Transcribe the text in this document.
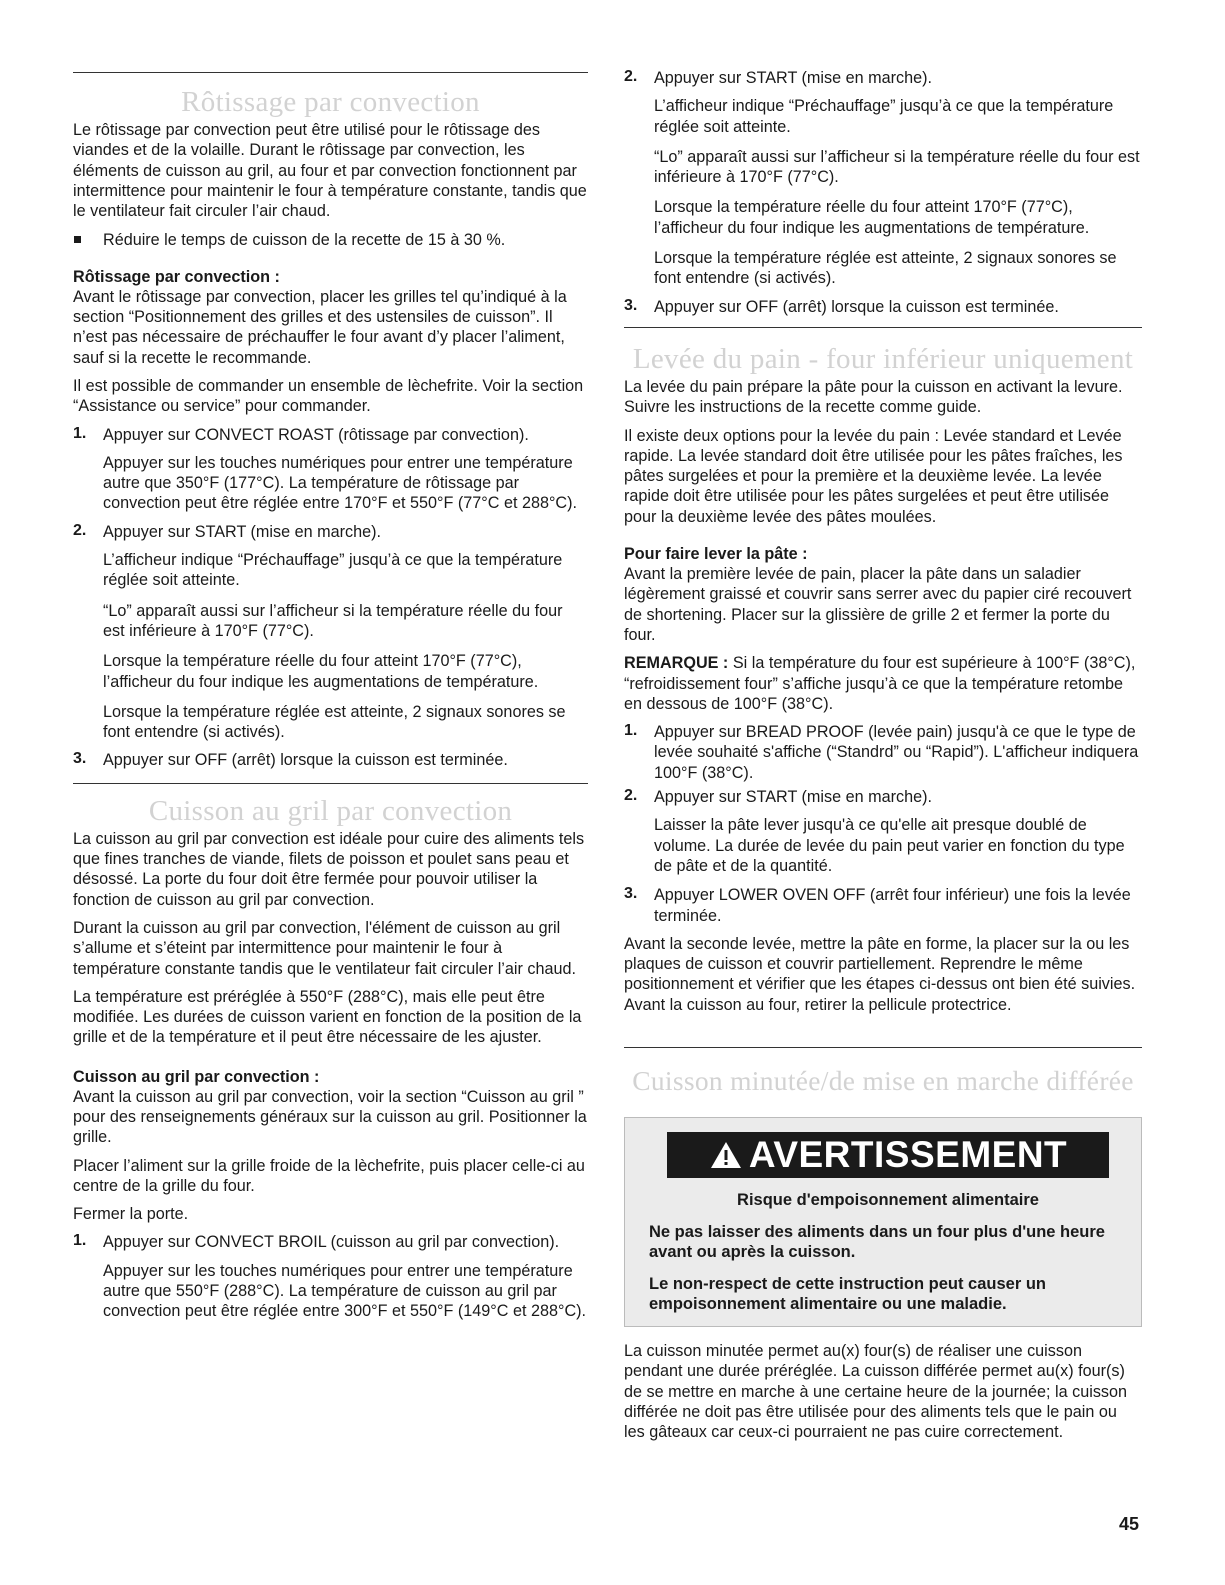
Rôtissage par convection

Le rôtissage par convection peut être utilisé pour le rôtissage des viandes et de la volaille. Durant le rôtissage par convection, les éléments de cuisson au gril, au four et par convection fonctionnent par intermittence pour maintenir le four à température constante, tandis que le ventilateur fait circuler l’air chaud.

Réduire le temps de cuisson de la recette de 15 à 30 %.

Rôtissage par convection :

Avant le rôtissage par convection, placer les grilles tel qu’indiqué à la section “Positionnement des grilles et des ustensiles de cuisson”. Il n’est pas nécessaire de préchauffer le four avant d’y placer l’aliment, sauf si la recette le recommande.

Il est possible de commander un ensemble de lèchefrite. Voir la section “Assistance ou service” pour commander.

1. Appuyer sur CONVECT ROAST (rôtissage par convection).

Appuyer sur les touches numériques pour entrer une température autre que 350°F (177°C). La température de rôtissage par convection peut être réglée entre 170°F et 550°F (77°C et 288°C).

2. Appuyer sur START (mise en marche).

L’afficheur indique “Préchauffage” jusqu’à ce que la température réglée soit atteinte.

“Lo” apparaît aussi sur l’afficheur si la température réelle du four est inférieure à 170°F (77°C).

Lorsque la température réelle du four atteint 170°F (77°C), l’afficheur du four indique les augmentations de température.

Lorsque la température réglée est atteinte, 2 signaux sonores se font entendre (si activés).

3. Appuyer sur OFF (arrêt) lorsque la cuisson est terminée.

Cuisson au gril par convection

La cuisson au gril par convection est idéale pour cuire des aliments tels que fines tranches de viande, filets de poisson et poulet sans peau et désossé. La porte du four doit être fermée pour pouvoir utiliser la fonction de cuisson au gril par convection.

Durant la cuisson au gril par convection, l'élément de cuisson au gril s’allume et s’éteint par intermittence pour maintenir le four à température constante tandis que le ventilateur fait circuler l’air chaud.

La température est préréglée à 550°F (288°C), mais elle peut être modifiée. Les durées de cuisson varient en fonction de la position de la grille et de la température et il peut être nécessaire de les ajuster.

Cuisson au gril par convection :

Avant la cuisson au gril par convection, voir la section “Cuisson au gril ” pour des renseignements généraux sur la cuisson au gril. Positionner la grille.

Placer l’aliment sur la grille froide de la lèchefrite, puis placer celle-ci au centre de la grille du four.

Fermer la porte.

1. Appuyer sur CONVECT BROIL (cuisson au gril par convection).

Appuyer sur les touches numériques pour entrer une température autre que 550°F (288°C). La température de cuisson au gril par convection peut être réglée entre 300°F et 550°F (149°C et 288°C).

2. Appuyer sur START (mise en marche).

L’afficheur indique “Préchauffage” jusqu’à ce que la température réglée soit atteinte.

“Lo” apparaît aussi sur l’afficheur si la température réelle du four est inférieure à 170°F (77°C).

Lorsque la température réelle du four atteint 170°F (77°C), l’afficheur du four indique les augmentations de température.

Lorsque la température réglée est atteinte, 2 signaux sonores se font entendre (si activés).

3. Appuyer sur OFF (arrêt) lorsque la cuisson est terminée.

Levée du pain - four inférieur uniquement

La levée du pain prépare la pâte pour la cuisson en activant la levure. Suivre les instructions de la recette comme guide.

Il existe deux options pour la levée du pain : Levée standard et Levée rapide. La levée standard doit être utilisée pour les pâtes fraîches, les pâtes surgelées et pour la première et la deuxième levée. La levée rapide doit être utilisée pour les pâtes surgelées et peut être utilisée pour la deuxième levée des pâtes moulées.

Pour faire lever la pâte :

Avant la première levée de pain, placer la pâte dans un saladier légèrement graissé et couvrir sans serrer avec du papier ciré recouvert de shortening. Placer sur la glissière de grille 2 et fermer la porte du four.

REMARQUE : Si la température du four est supérieure à 100°F (38°C), “refroidissement four” s’affiche jusqu’à ce que la température retombe en dessous de 100°F (38°C).

1. Appuyer sur BREAD PROOF (levée pain) jusqu'à ce que le type de levée souhaité s'affiche (“Standrd” ou “Rapid”). L'afficheur indiquera 100°F (38°C).

2. Appuyer sur START (mise en marche).

Laisser la pâte lever jusqu'à ce qu'elle ait presque doublé de volume. La durée de levée du pain peut varier en fonction du type de pâte et de la quantité.

3. Appuyer LOWER OVEN OFF (arrêt four inférieur) une fois la levée terminée.

Avant la seconde levée, mettre la pâte en forme, la placer sur la ou les plaques de cuisson et couvrir partiellement. Reprendre le même positionnement et vérifier que les étapes ci-dessus ont bien été suivies. Avant la cuisson au four, retirer la pellicule protectrice.

Cuisson minutée/de mise en marche différée
AVERTISSEMENT

Risque d'empoisonnement alimentaire

Ne pas laisser des aliments dans un four plus d'une heure avant ou après la cuisson.

Le non-respect de cette instruction peut causer un empoisonnement alimentaire ou une maladie.

La cuisson minutée permet au(x) four(s) de réaliser une cuisson pendant une durée préréglée. La cuisson différée permet au(x) four(s) de se mettre en marche à une certaine heure de la journée; la cuisson différée ne doit pas être utilisée pour des aliments tels que le pain ou les gâteaux car ceux-ci pourraient ne pas cuire correctement.

45
